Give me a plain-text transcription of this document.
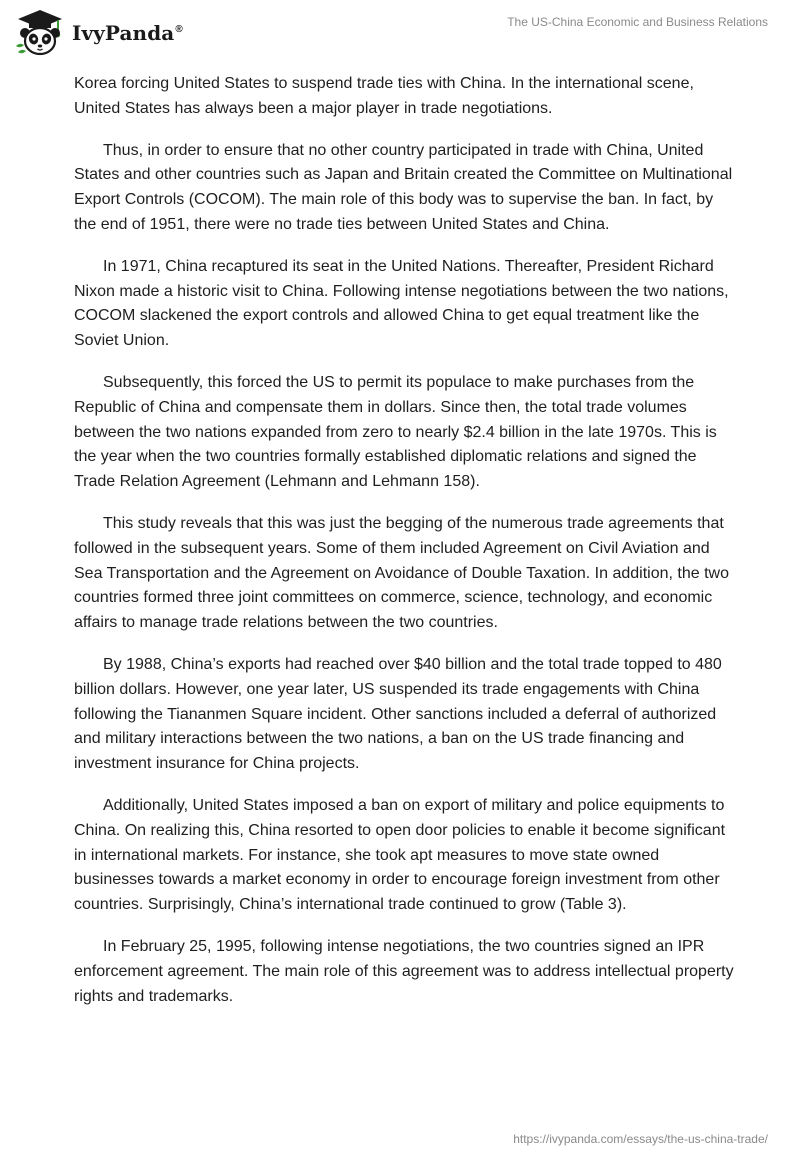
IvyPanda®
The US-China Economic and Business Relations

Korea forcing United States to suspend trade ties with China. In the international scene, United States has always been a major player in trade negotiations.

Thus, in order to ensure that no other country participated in trade with China, United States and other countries such as Japan and Britain created the Committee on Multinational Export Controls (COCOM). The main role of this body was to supervise the ban. In fact, by the end of 1951, there were no trade ties between United States and China.

In 1971, China recaptured its seat in the United Nations. Thereafter, President Richard Nixon made a historic visit to China. Following intense negotiations between the two nations, COCOM slackened the export controls and allowed China to get equal treatment like the Soviet Union.

Subsequently, this forced the US to permit its populace to make purchases from the Republic of China and compensate them in dollars. Since then, the total trade volumes between the two nations expanded from zero to nearly $2.4 billion in the late 1970s. This is the year when the two countries formally established diplomatic relations and signed the Trade Relation Agreement (Lehmann and Lehmann 158).

This study reveals that this was just the begging of the numerous trade agreements that followed in the subsequent years. Some of them included Agreement on Civil Aviation and Sea Transportation and the Agreement on Avoidance of Double Taxation. In addition, the two countries formed three joint committees on commerce, science, technology, and economic affairs to manage trade relations between the two countries.

By 1988, China’s exports had reached over $40 billion and the total trade topped to 480 billion dollars. However, one year later, US suspended its trade engagements with China following the Tiananmen Square incident. Other sanctions included a deferral of authorized and military interactions between the two nations, a ban on the US trade financing and investment insurance for China projects.

Additionally, United States imposed a ban on export of military and police equipments to China. On realizing this, China resorted to open door policies to enable it become significant in international markets. For instance, she took apt measures to move state owned businesses towards a market economy in order to encourage foreign investment from other countries. Surprisingly, China’s international trade continued to grow (Table 3).

In February 25, 1995, following intense negotiations, the two countries signed an IPR enforcement agreement. The main role of this agreement was to address intellectual property rights and trademarks.

https://ivypanda.com/essays/the-us-china-trade/
